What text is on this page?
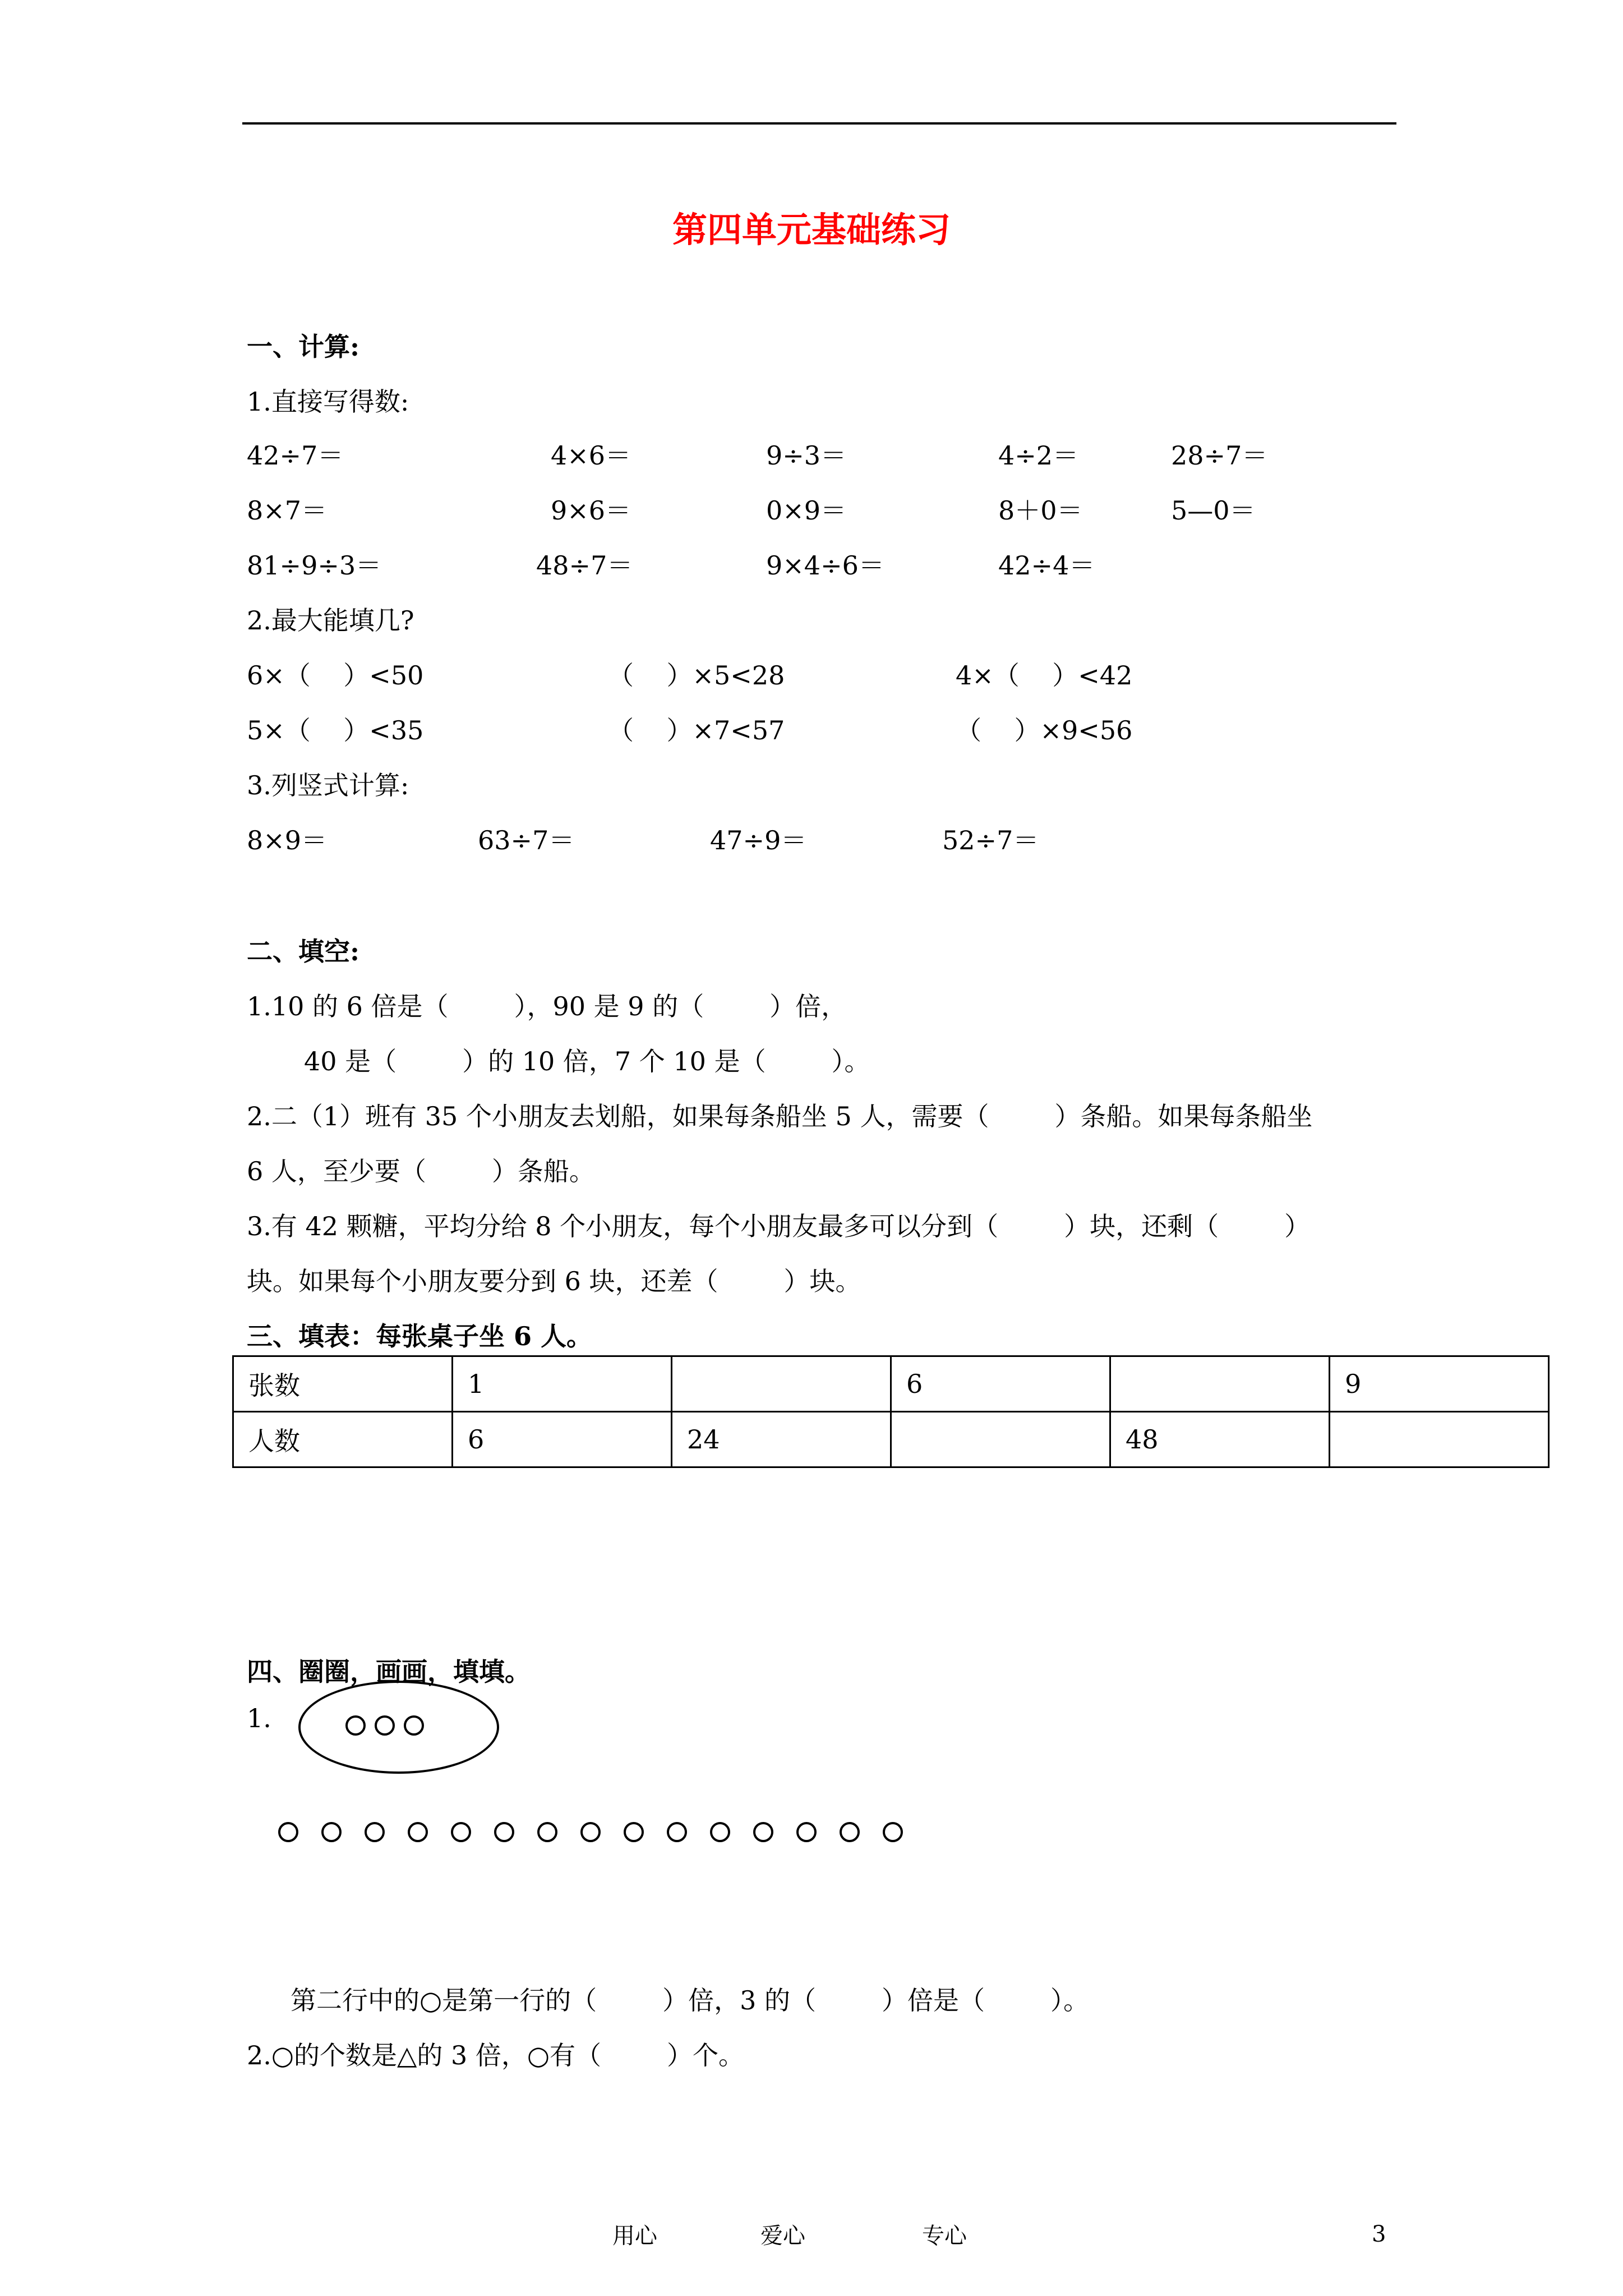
第四单元基础练习
一、计算:
1.直接写得数:
42÷7＝	4×6＝	9÷3＝	4÷2＝	28÷7＝
8×7＝	9×6＝	0×9＝	8＋0＝	5—0＝
81÷9÷3＝	48÷7＝	9×4÷6＝	42÷4＝
2.最大能填几?
6×（    ）<50	（    ）×5<28	4×（    ）<42
5×（    ）<35	（    ）×7<57	（    ）×9<56
3.列竖式计算:
8×9＝	63÷7＝	47÷9＝	52÷7＝
二、填空:
1.10 的 6 倍是（        ），90 是 9 的（        ）倍，
40 是（        ）的 10 倍，7 个 10 是（        ）。
2.二（1）班有 35 个小朋友去划船，如果每条船坐 5 人，需要（        ）条船。如果每条船坐
6 人，至少要（        ）条船。
3.有 42 颗糖，平均分给 8 个小朋友，每个小朋友最多可以分到（        ）块，还剩（        ）
块。如果每个小朋友要分到 6 块，还差（        ）块。
三、填表：每张桌子坐 6 人。
张数	1		6		9
人数	6	24		48	
四、圈圈，画画，填填。
1.
第二行中的○是第一行的（        ）倍，3 的（        ）倍是（        ）。
2.○的个数是△的 3 倍，○有（        ）个。
用心	爱心	专心	3
